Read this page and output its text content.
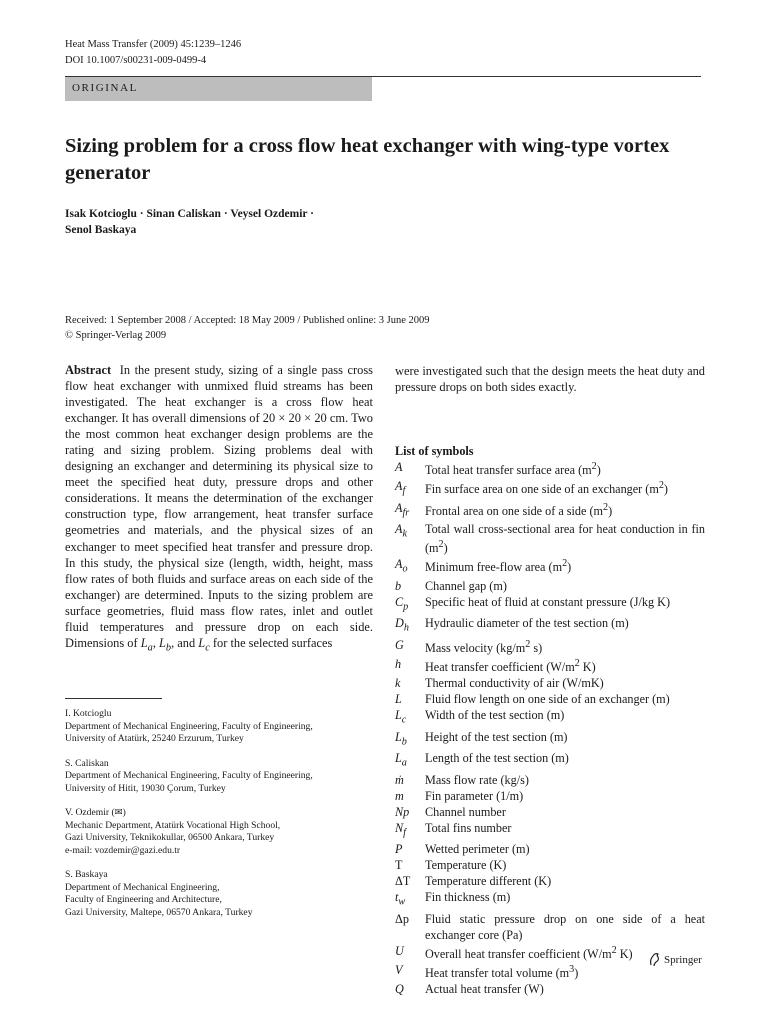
Heat Mass Transfer (2009) 45:1239–1246
DOI 10.1007/s00231-009-0499-4
ORIGINAL
Sizing problem for a cross flow heat exchanger with wing-type vortex generator
Isak Kotcioglu · Sinan Caliskan · Veysel Ozdemir ·
Senol Baskaya
Received: 1 September 2008 / Accepted: 18 May 2009 / Published online: 3 June 2009
© Springer-Verlag 2009
Abstract In the present study, sizing of a single pass cross flow heat exchanger with unmixed fluid streams has been investigated. The heat exchanger is a cross flow heat exchanger. It has overall dimensions of 20 × 20 × 20 cm. Two the most common heat exchanger design problems are the rating and sizing problem. Sizing problems deal with designing an exchanger and determining its physical size to meet the specified heat duty, pressure drops and other considerations. It means the determination of the exchanger construction type, flow arrangement, heat transfer surface geometries and materials, and the physical sizes of an exchanger to meet specified heat transfer and pressure drop. In this study, the physical size (length, width, height, mass flow rates of both fluids and surface areas on each side of the exchanger) are determined. Inputs to the sizing problem are surface geometries, fluid mass flow rates, inlet and outlet fluid temperatures and pressure drop on each side. Dimensions of $L_a$, $L_b$, and $L_c$ for the selected surfaces
were investigated such that the design meets the heat duty and pressure drops on both sides exactly.
I. Kotcioglu
Department of Mechanical Engineering, Faculty of Engineering,
University of Atatürk, 25240 Erzurum, Turkey
S. Caliskan
Department of Mechanical Engineering, Faculty of Engineering,
University of Hitit, 19030 Çorum, Turkey
V. Ozdemir (✉)
Mechanic Department, Atatürk Vocational High School,
Gazi University, Teknikokullar, 06500 Ankara, Turkey
e-mail: vozdemir@gazi.edu.tr
S. Baskaya
Department of Mechanical Engineering,
Faculty of Engineering and Architecture,
Gazi University, Maltepe, 06570 Ankara, Turkey
List of symbols
A	Total heat transfer surface area $(m^2)$
$A_f$	Fin surface area on one side of an exchanger $(m^2)$
$A_{fr}$	Frontal area on one side of a side $(m^2)$
$A_k$	Total wall cross-sectional area for heat conduction in fin $(m^2)$
$A_o$	Minimum free-flow area $(m^2)$
b	Channel gap (m)
$C_p$	Specific heat of fluid at constant pressure (J/kg K)
$D_h$	Hydraulic diameter of the test section (m)
G	Mass velocity ($kg/m^2$ s)
h	Heat transfer coefficient ($W/m^2$ K)
k	Thermal conductivity of air (W/mK)
L	Fluid flow length on one side of an exchanger (m)
$L_c$	Width of the test section (m)
$L_b$	Height of the test section (m)
$L_a$	Length of the test section (m)
ṁ	Mass flow rate (kg/s)
m	Fin parameter (1/m)
Np	Channel number
$N_f$	Total fins number
P	Wetted perimeter (m)
T	Temperature (K)
ΔT	Temperature different (K)
$t_w$	Fin thickness (m)
Δp	Fluid static pressure drop on one side of a heat exchanger core (Pa)
U	Overall heat transfer coefficient ($W/m^2$ K)
V	Heat transfer total volume $(m^3)$
Q	Actual heat transfer (W)
Springer
